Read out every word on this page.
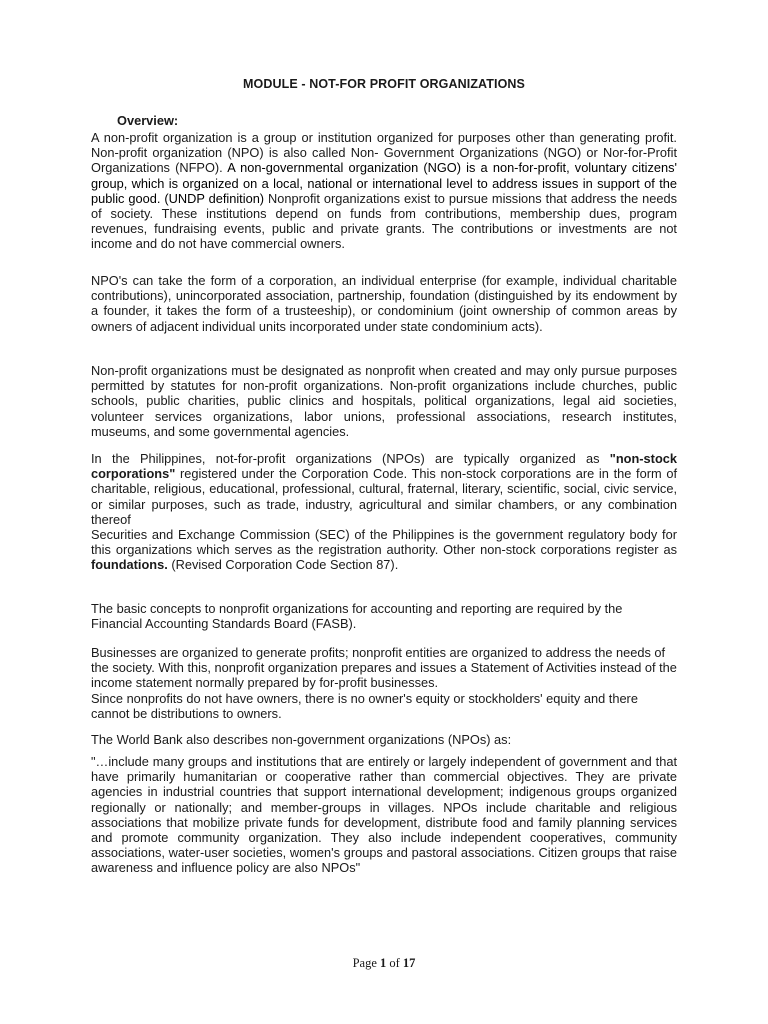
MODULE - NOT-FOR PROFIT ORGANIZATIONS
Overview:

A non-profit organization is a group or institution organized for purposes other than generating profit. Non-profit organization (NPO) is also called Non- Government Organizations (NGO) or Nor-for-Profit Organizations (NFPO). A non-governmental organization (NGO) is a non-for-profit, voluntary citizens' group, which is organized on a local, national or international level to address issues in support of the public good. (UNDP definition) Nonprofit organizations exist to pursue missions that address the needs of society. These institutions depend on funds from contributions, membership dues, program revenues, fundraising events, public and private grants. The contributions or investments are not income and do not have commercial owners.

NPO's can take the form of a corporation, an individual enterprise (for example, individual charitable contributions), unincorporated association, partnership, foundation (distinguished by its endowment by a founder, it takes the form of a trusteeship), or condominium (joint ownership of common areas by owners of adjacent individual units incorporated under state condominium acts).

Non-profit organizations must be designated as nonprofit when created and may only pursue purposes permitted by statutes for non-profit organizations. Non-profit organizations include churches, public schools, public charities, public clinics and hospitals, political organizations, legal aid societies, volunteer services organizations, labor unions, professional associations, research institutes, museums, and some governmental agencies.

In the Philippines, not-for-profit organizations (NPOs) are typically organized as "non-stock corporations" registered under the Corporation Code. This non-stock corporations are in the form of charitable, religious, educational, professional, cultural, fraternal, literary, scientific, social, civic service, or similar purposes, such as trade, industry, agricultural and similar chambers, or any combination thereof

Securities and Exchange Commission (SEC) of the Philippines is the government regulatory body for this organizations which serves as the registration authority. Other non-stock corporations register as foundations. (Revised Corporation Code Section 87).

The basic concepts to nonprofit organizations for accounting and reporting are required by the Financial Accounting Standards Board (FASB).

Businesses are organized to generate profits; nonprofit entities are organized to address the needs of the society. With this, nonprofit organization prepares and issues a Statement of Activities instead of the income statement normally prepared by for-profit businesses.

Since nonprofits do not have owners, there is no owner's equity or stockholders' equity and there cannot be distributions to owners.

The World Bank also describes non-government organizations (NPOs) as:

"…include many groups and institutions that are entirely or largely independent of government and that have primarily humanitarian or cooperative rather than commercial objectives. They are private agencies in industrial countries that support international development; indigenous groups organized regionally or nationally; and member-groups in villages. NPOs include charitable and religious associations that mobilize private funds for development, distribute food and family planning services and promote community organization. They also include independent cooperatives, community associations, water-user societies, women's groups and pastoral associations. Citizen groups that raise awareness and influence policy are also NPOs"

Page 1 of 17
